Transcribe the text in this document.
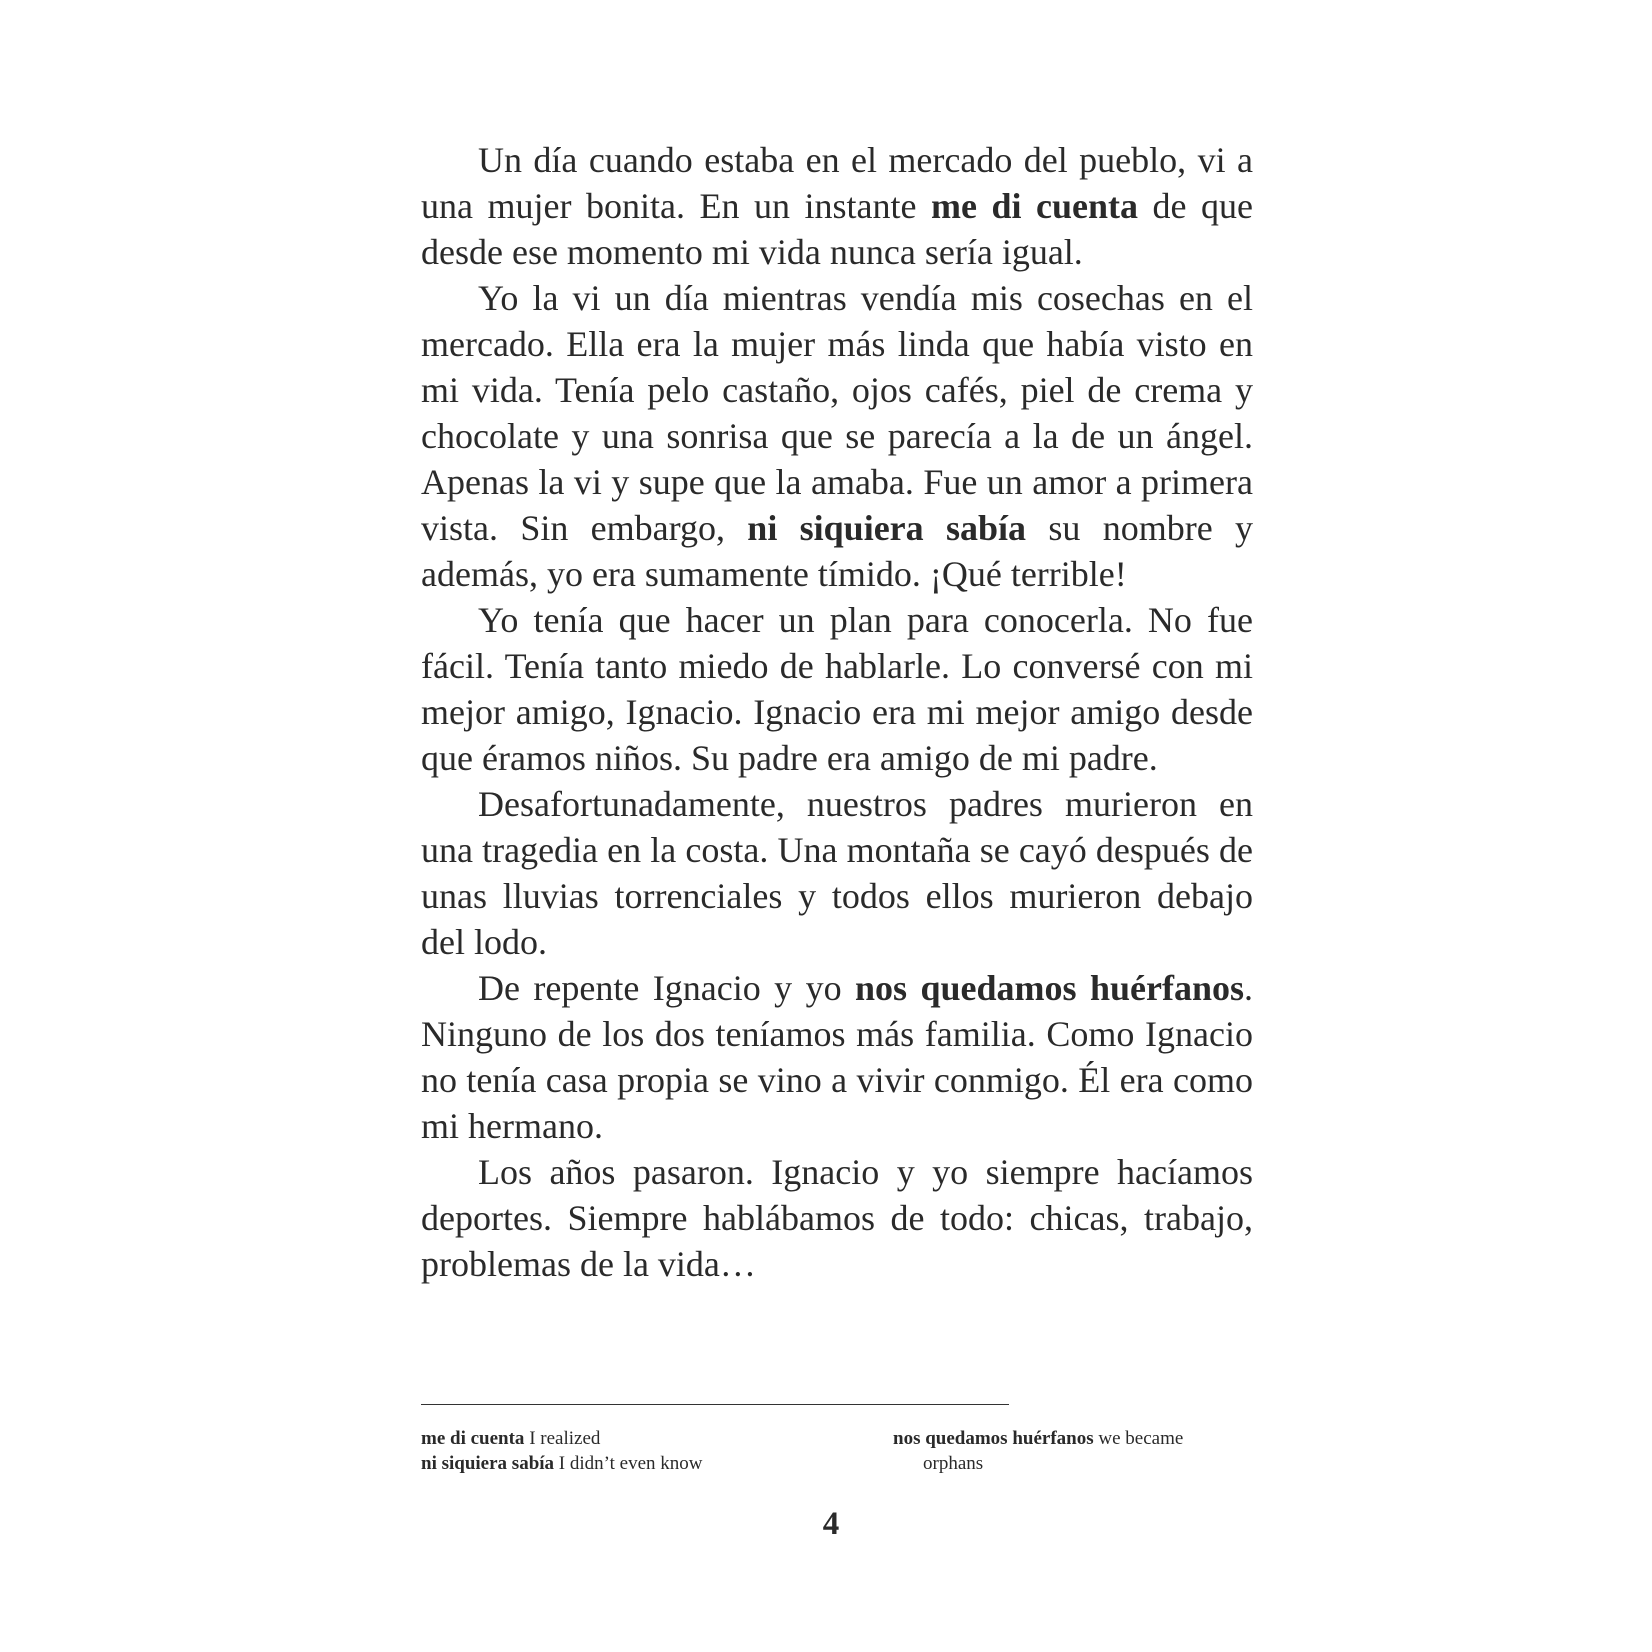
Un día cuando estaba en el mercado del pueblo, vi a una mujer bonita. En un instante me di cuenta de que desde ese momento mi vida nunca sería igual.

Yo la vi un día mientras vendía mis cosechas en el mercado. Ella era la mujer más linda que había visto en mi vida. Tenía pelo castaño, ojos cafés, piel de crema y chocolate y una sonrisa que se parecía a la de un ángel. Apenas la vi y supe que la amaba. Fue un amor a primera vista. Sin embargo, ni siquiera sabía su nombre y además, yo era sumamente tímido. ¡Qué terrible!

Yo tenía que hacer un plan para conocerla. No fue fácil. Tenía tanto miedo de hablarle. Lo conversé con mi mejor amigo, Ignacio. Ignacio era mi mejor amigo desde que éramos niños. Su padre era amigo de mi padre.

Desafortunadamente, nuestros padres murieron en una tragedia en la costa. Una montaña se cayó después de unas lluvias torrenciales y todos ellos murieron debajo del lodo.

De repente Ignacio y yo nos quedamos huérfanos. Ninguno de los dos teníamos más familia. Como Ignacio no tenía casa propia se vino a vivir conmigo. Él era como mi hermano.

Los años pasaron. Ignacio y yo siempre hacíamos deportes. Siempre hablábamos de todo: chicas, trabajo, problemas de la vida…

me di cuenta I realized
ni siquiera sabía I didn’t even know
nos quedamos huérfanos we became orphans
4
